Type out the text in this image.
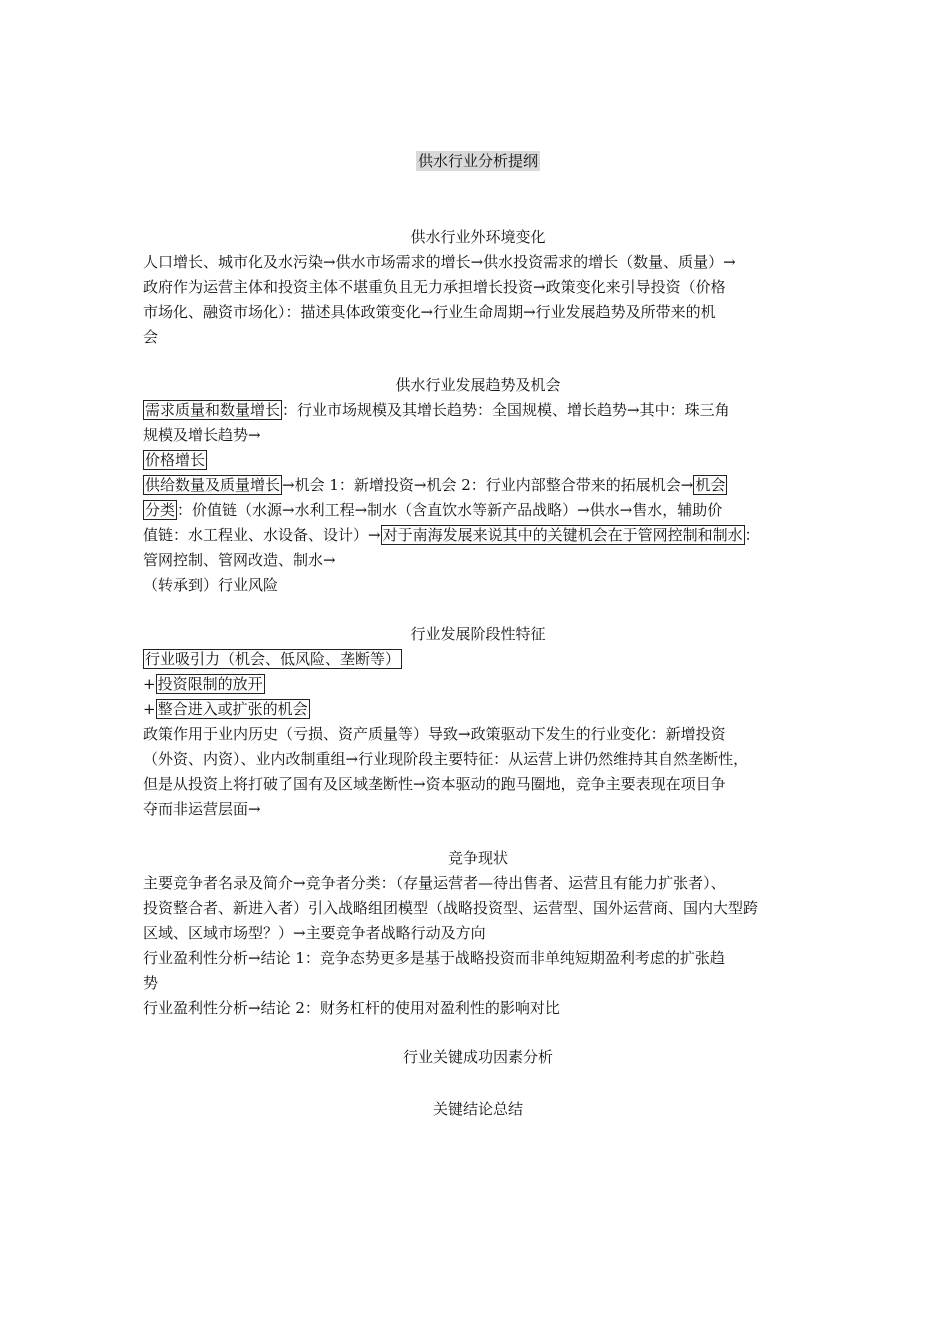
供水行业分析提纲
供水行业外环境变化
人口增长、城市化及水污染→供水市场需求的增长→供水投资需求的增长（数量、质量）→
政府作为运营主体和投资主体不堪重负且无力承担增长投资→政策变化来引导投资（价格
市场化、融资市场化）：描述具体政策变化→行业生命周期→行业发展趋势及所带来的机
会
供水行业发展趋势及机会
需求质量和数量增长 ：行业市场规模及其增长趋势：全国规模、增长趋势→其中：珠三角
规模及增长趋势→
价格增长
供给数量及质量增长 →机会 1：新增投资→机会 2：行业内部整合带来的拓展机会→ 机会
分类 ：价值链（水源→水利工程→制水（含直饮水等新产品战略）→供水→售水，辅助价
值链：水工程业、水设备、设计）→ 对于南海发展来说其中的关键机会在于管网控制和制水 ：
管网控制、管网改造、制水→
（转承到）行业风险
行业发展阶段性特征
行业吸引力（机会、低风险、垄断等）
+ 投资限制的放开
+ 整合进入或扩张的机会
政策作用于业内历史（亏损、资产质量等）导致→政策驱动下发生的行业变化：新增投资
（外资、内资）、业内改制重组→行业现阶段主要特征：从运营上讲仍然维持其自然垄断性，
但是从投资上将打破了国有及区域垄断性→资本驱动的跑马圈地，竞争主要表现在项目争
夺而非运营层面→
竞争现状
主要竞争者名录及简介→竞争者分类：（存量运营者—待出售者、运营且有能力扩张者）、
投资整合者、新进入者）引入战略组团模型（战略投资型、运营型、国外运营商、国内大型跨
区域、区域市场型？）→主要竞争者战略行动及方向
行业盈利性分析→结论 1：竞争态势更多是基于战略投资而非单纯短期盈利考虑的扩张趋
势
行业盈利性分析→结论 2：财务杠杆的使用对盈利性的影响对比
行业关键成功因素分析
关键结论总结
